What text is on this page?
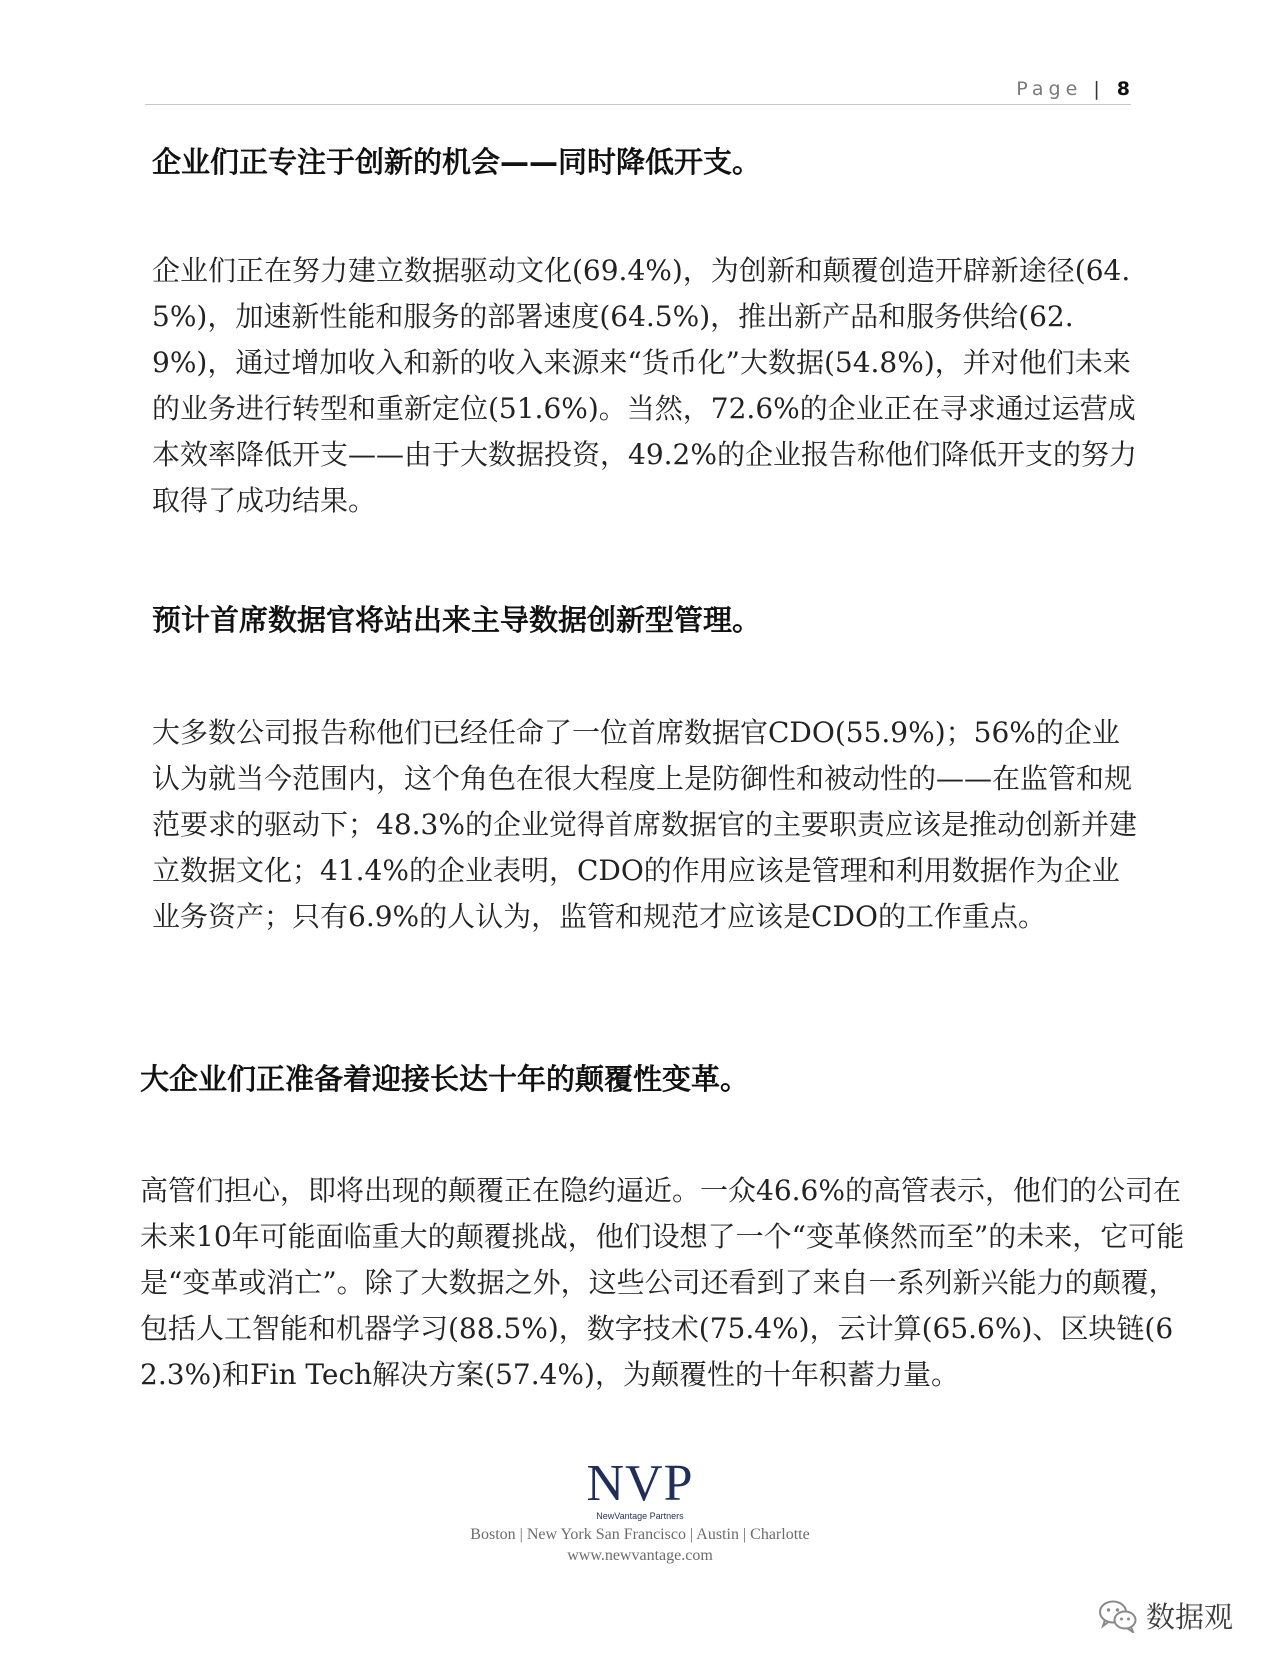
Page | 8
企业们正专注于创新的机会——同时降低开支。

企业们正在努力建立数据驱动文化(69.4%)，为创新和颠覆创造开辟新途径(64.5%)，加速新性能和服务的部署速度(64.5%)，推出新产品和服务供给(62.9%)，通过增加收入和新的收入来源来“货币化”大数据(54.8%)，并对他们未来的业务进行转型和重新定位(51.6%)。当然，72.6%的企业正在寻求通过运营成本效率降低开支——由于大数据投资，49.2%的企业报告称他们降低开支的努力取得了成功结果。

预计首席数据官将站出来主导数据创新型管理。

大多数公司报告称他们已经任命了一位首席数据官CDO(55.9%)；56%的企业认为就当今范围内，这个角色在很大程度上是防御性和被动性的——在监管和规范要求的驱动下；48.3%的企业觉得首席数据官的主要职责应该是推动创新并建立数据文化；41.4%的企业表明，CDO的作用应该是管理和利用数据作为企业业务资产；只有6.9%的人认为，监管和规范才应该是CDO的工作重点。

大企业们正准备着迎接长达十年的颠覆性变革。

高管们担心，即将出现的颠覆正在隐约逼近。一众46.6%的高管表示，他们的公司在未来10年可能面临重大的颠覆挑战，他们设想了一个“变革倏然而至”的未来，它可能是“变革或消亡”。除了大数据之外，这些公司还看到了来自一系列新兴能力的颠覆，包括人工智能和机器学习(88.5%)，数字技术(75.4%)，云计算(65.6%)、区块链(62.3%)和Fin Tech解决方案(57.4%)，为颠覆性的十年积蓄力量。

NVP
NewVantage Partners
Boston | New York San Francisco | Austin | Charlotte
www.newvantage.com
数据观
